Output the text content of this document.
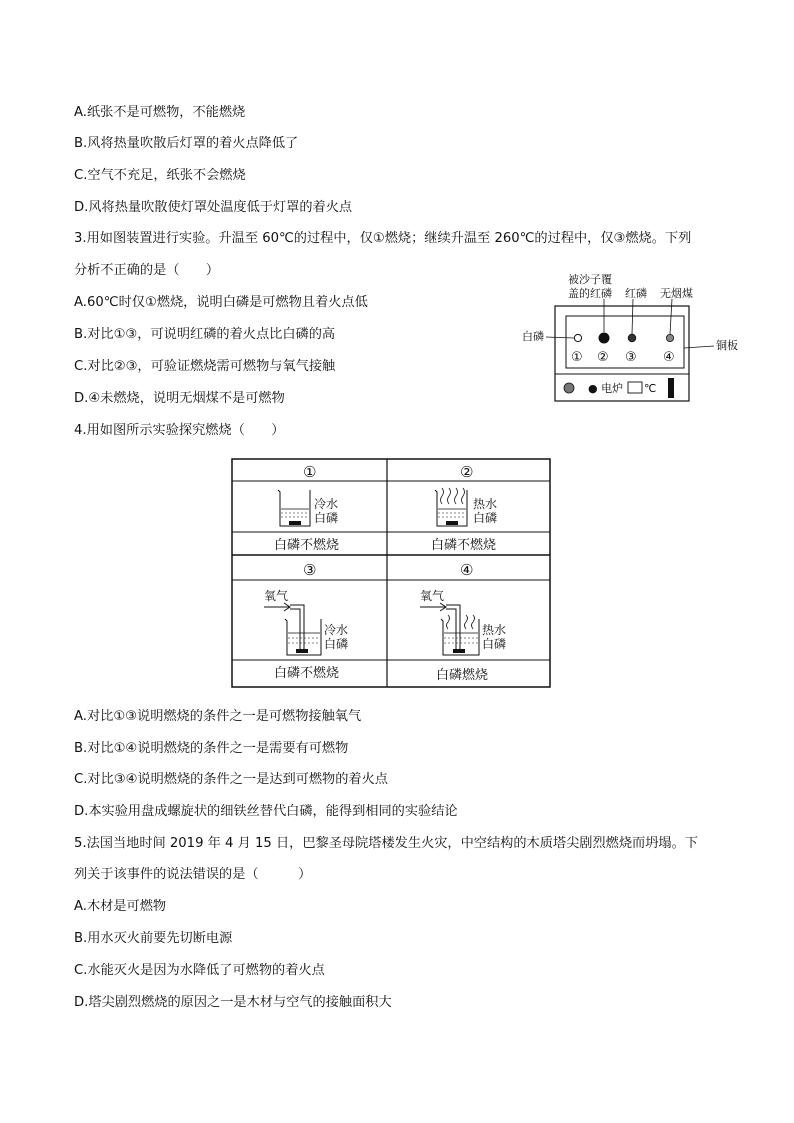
A.纸张不是可燃物，不能燃烧
B.风将热量吹散后灯罩的着火点降低了
C.空气不充足，纸张不会燃烧
D.风将热量吹散使灯罩处温度低于灯罩的着火点
3.用如图装置进行实验。升温至 60℃的过程中，仅①燃烧；继续升温至 260℃的过程中，仅③燃烧。下列
分析不正确的是（　　）
A.60℃时仅①燃烧，说明白磷是可燃物且着火点低
B.对比①③，可说明红磷的着火点比白磷的高
C.对比②③，可验证燃烧需可燃物与氧气接触
D.④未燃烧，说明无烟煤不是可燃物
被沙子覆
盖的红磷 红磷 无烟煤
白磷
① ② ③ ④
铜板
● 电炉 ℃
4.用如图所示实验探究燃烧（　　）
①
冷水
白磷
白磷不燃烧
②
热水
白磷
白磷不燃烧
③
氧气
冷水
白磷
白磷不燃烧
④
氧气
热水
白磷
白磷燃烧
A.对比①③说明燃烧的条件之一是可燃物接触氧气
B.对比①④说明燃烧的条件之一是需要有可燃物
C.对比③④说明燃烧的条件之一是达到可燃物的着火点
D.本实验用盘成螺旋状的细铁丝替代白磷，能得到相同的实验结论
5.法国当地时间 2019 年 4 月 15 日，巴黎圣母院塔楼发生火灾，中空结构的木质塔尖剧烈燃烧而坍塌。下
列关于该事件的说法错误的是（　　　）
A.木材是可燃物
B.用水灭火前要先切断电源
C.水能灭火是因为水降低了可燃物的着火点
D.塔尖剧烈燃烧的原因之一是木材与空气的接触面积大
